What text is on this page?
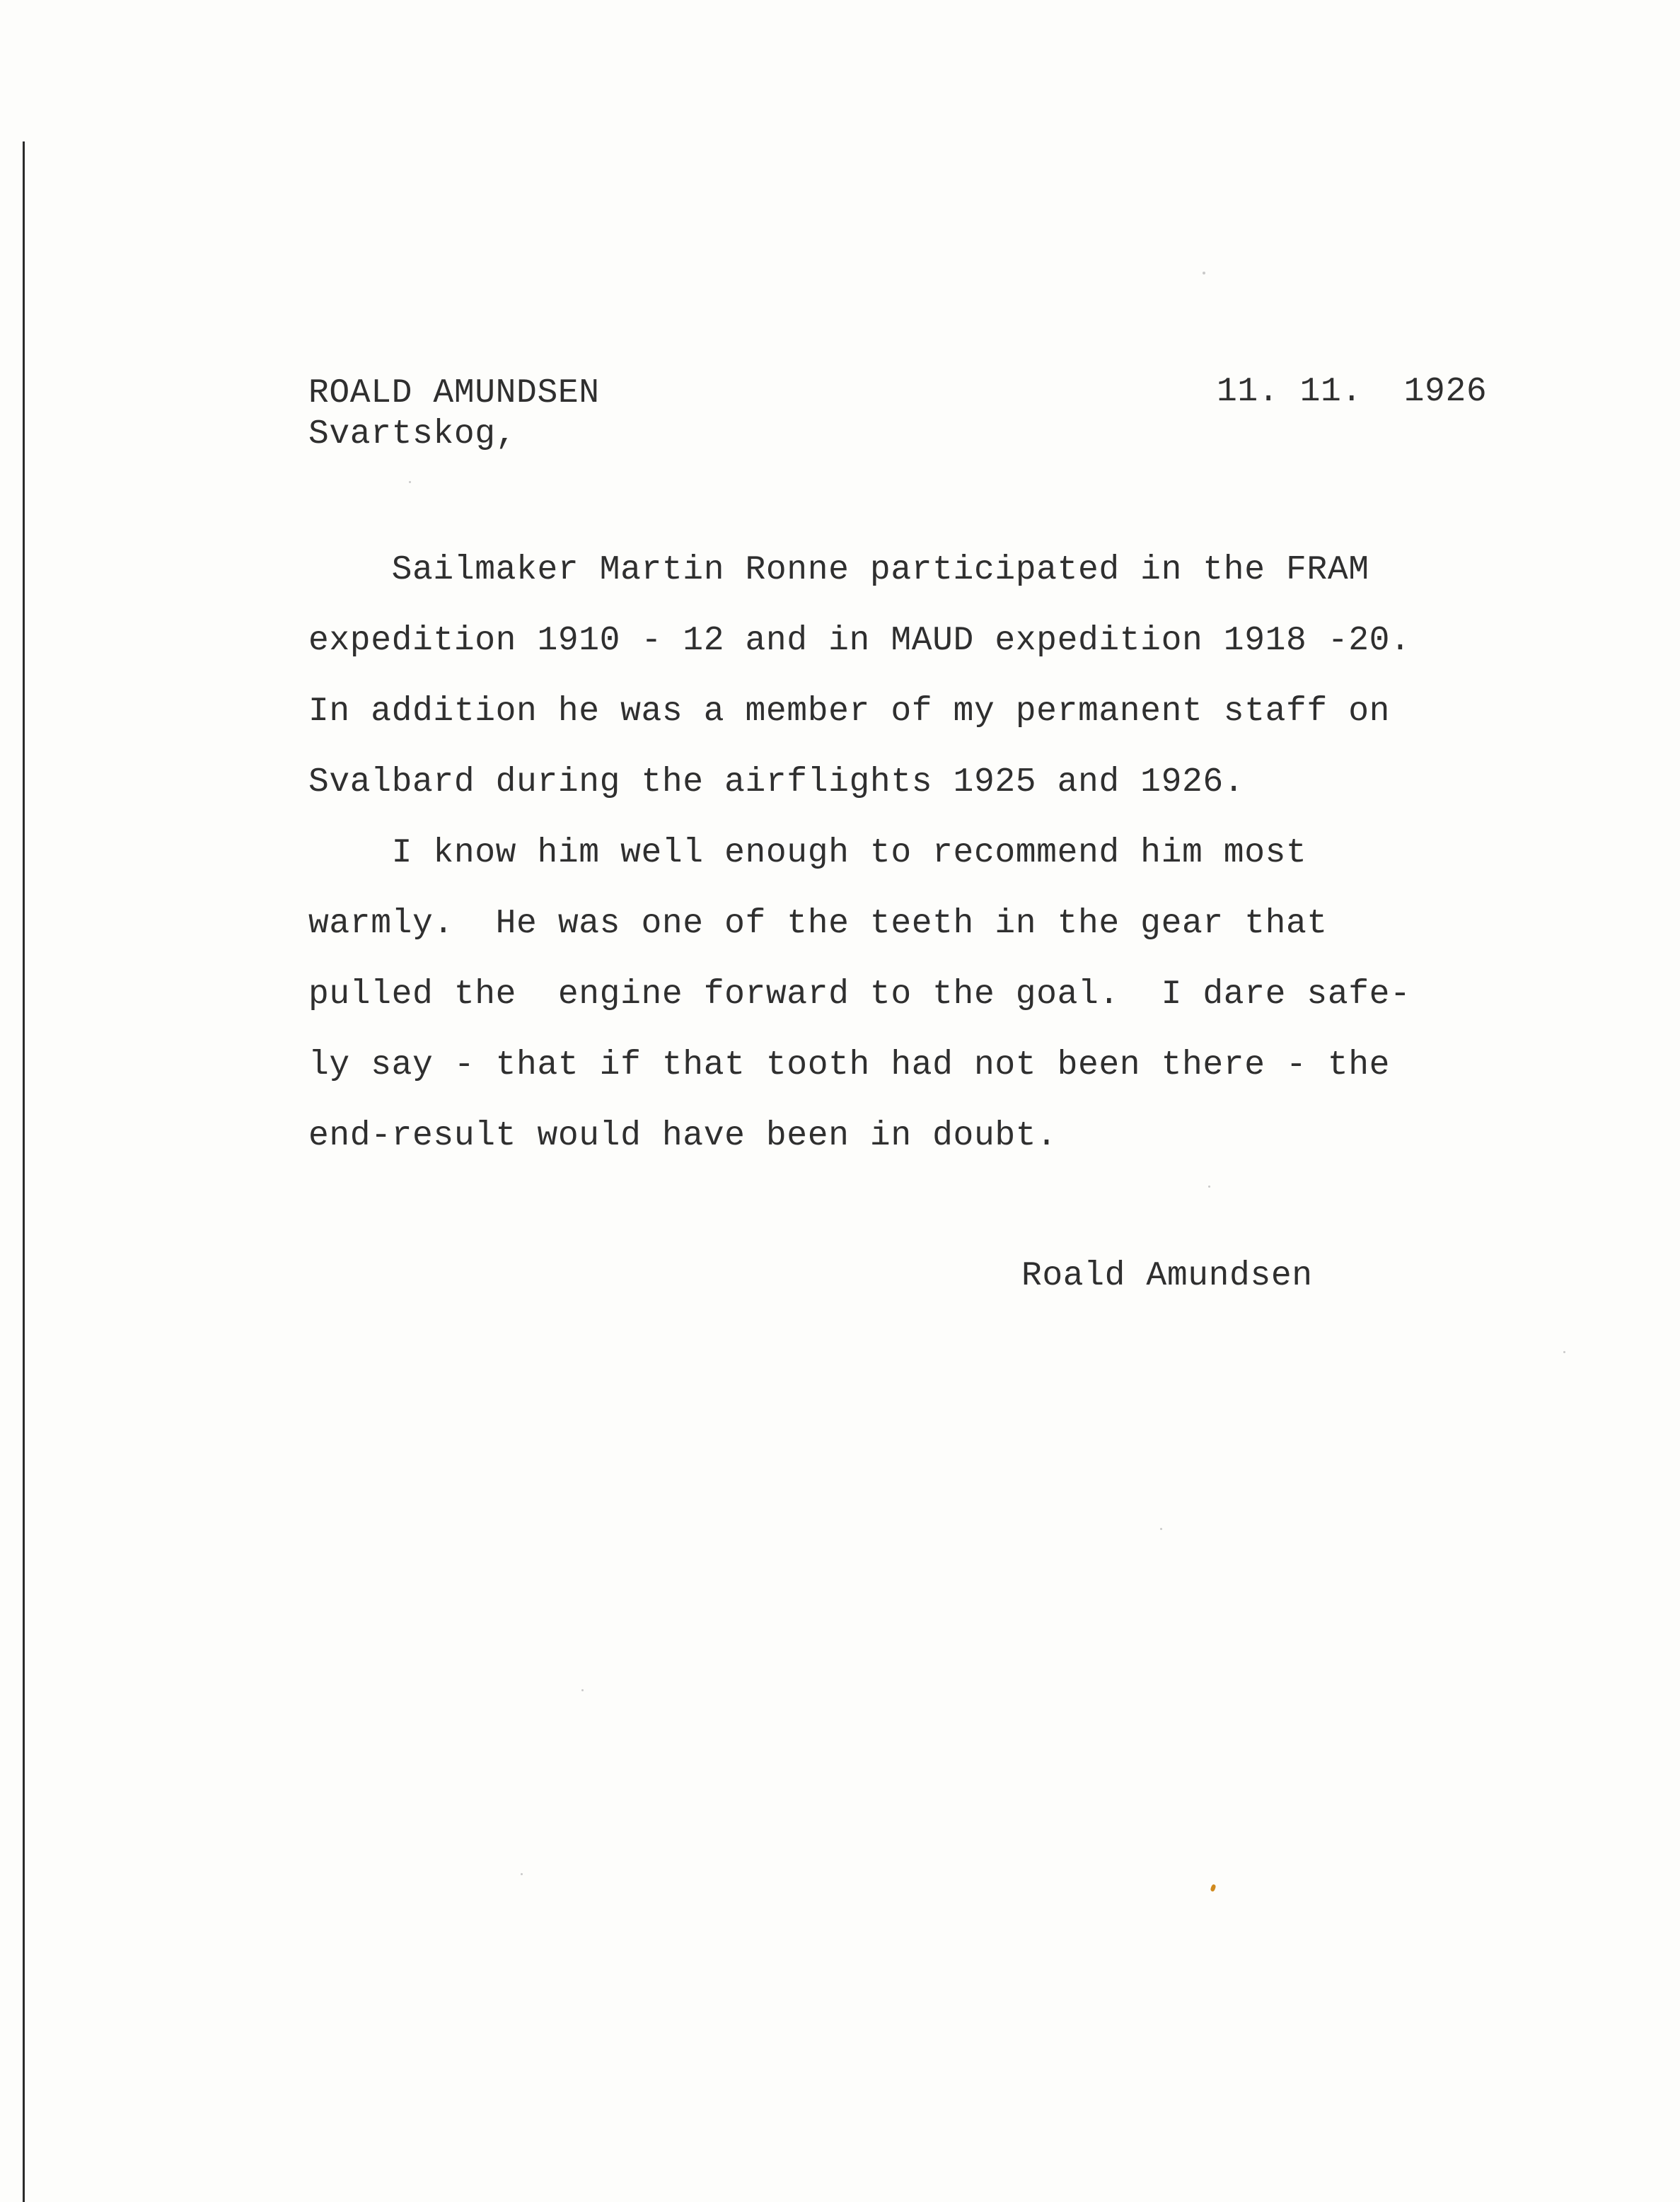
ROALD AMUNDSEN
Svartskog,
11. 11.  1926
Sailmaker Martin Ronne participated in the FRAM
expedition 1910 - 12 and in MAUD expedition 1918 -20.
In addition he was a member of my permanent staff on
Svalbard during the airflights 1925 and 1926.
I know him well enough to recommend him most
warmly.  He was one of the teeth in the gear that
pulled the  engine forward to the goal.  I dare safe-
ly say - that if that tooth had not been there - the
end-result would have been in doubt.
Roald Amundsen
